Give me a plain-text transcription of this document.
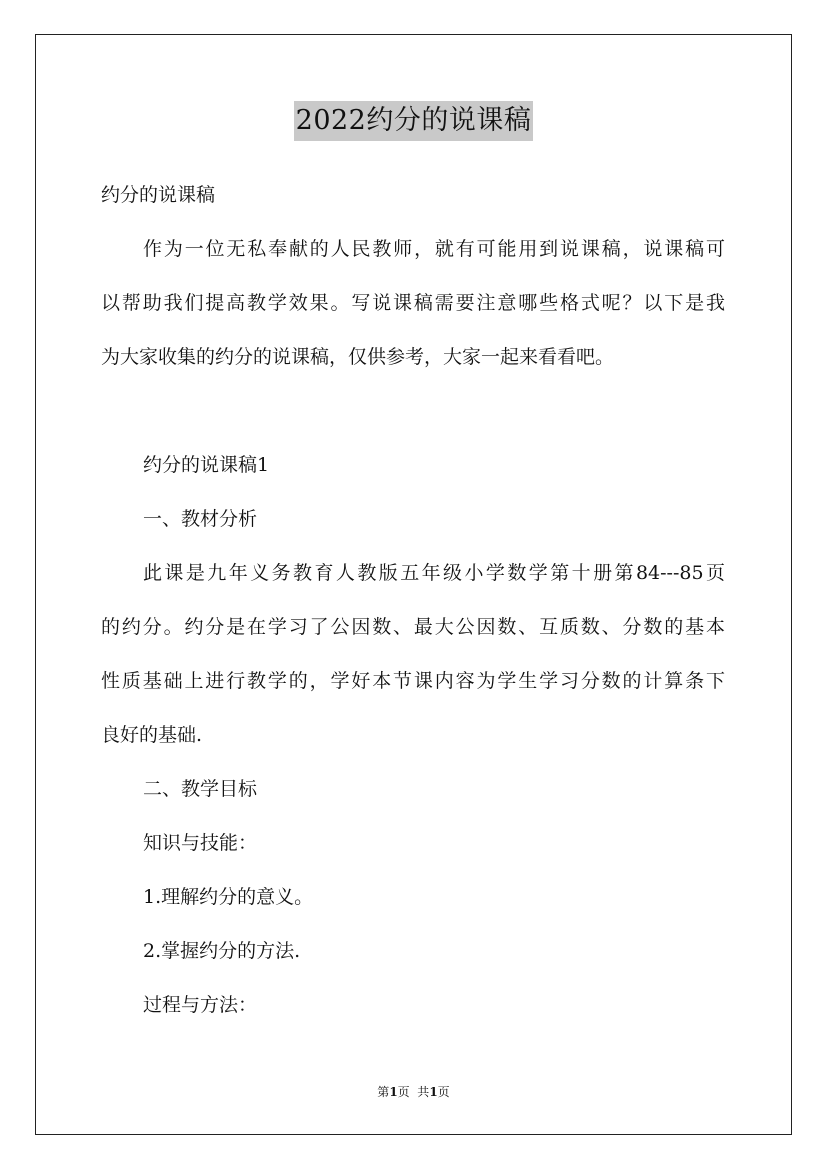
2022约分的说课稿
约分的说课稿
作为一位无私奉献的人民教师，就有可能用到说课稿，说课稿可
以帮助我们提高教学效果。写说课稿需要注意哪些格式呢？以下是我
为大家收集的约分的说课稿，仅供参考，大家一起来看看吧。
约分的说课稿1
一、教材分析
此课是九年义务教育人教版五年级小学数学第十册第84---85页
的约分。约分是在学习了公因数、最大公因数、互质数、分数的基本
性质基础上进行教学的，学好本节课内容为学生学习分数的计算条下
良好的基础.
二、教学目标
知识与技能：
1.理解约分的意义。
2.掌握约分的方法.
过程与方法：
第1页  共1页
